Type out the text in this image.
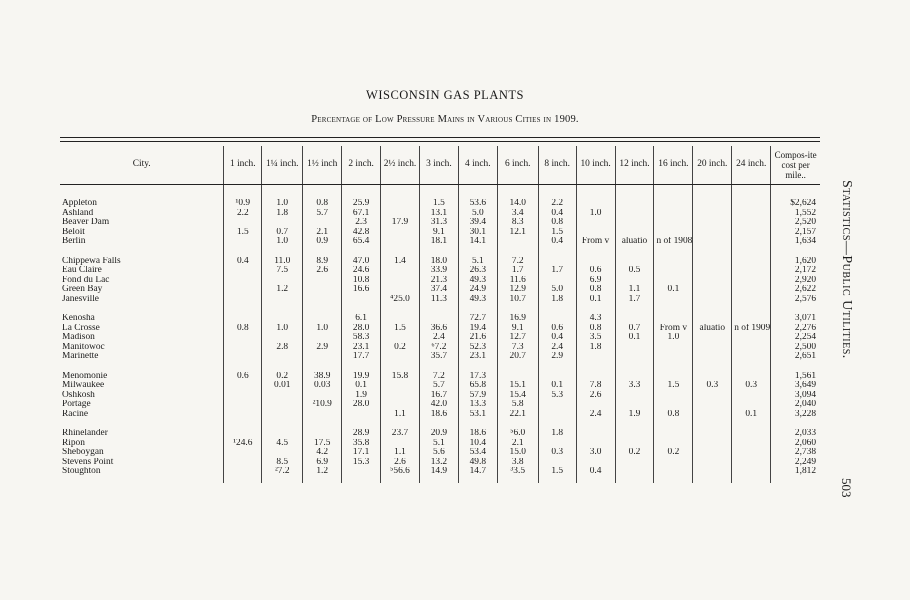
WISCONSIN GAS PLANTS
Percentage of Low Pressure Mains in Various Cities in 1909.
City.	1 inch.	1¼ inch.	1½ inch	2 inch.	2½ inch.	3 inch.	4 inch.	6 inch.	8 inch.	10 inch.	12 inch.	16 inch.	20 inch.	24 inch.	Compos-ite cost per mile..

Appleton	¹0.9	1.0	0.8	25.9		1.5	53.6	14.0	2.2						$2,624
Ashland	2.2	1.8	5.7	67.1		13.1	5.0	3.4	0.4	1.0					1,552
Beaver Dam				2.3	17.9	31.3	39.4	8.3	0.8						2,520
Beloit	1.5	0.7	2.1	42.8		9.1	30.1	12.1	1.5						2,157
Berlin		1.0	0.9	65.4		18.1	14.1		0.4	From v	aluatio	n of 1908			1,634

Chippewa Falls	0.4	11.0	8.9	47.0	1.4	18.0	5.1	7.2							1,620
Eau Claire		7.5	2.6	24.6		33.9	26.3	1.7	1.7	0.6	0.5				2,172
Fond du Lac				10.8		21.3	49.3	11.6		6.9					2,920
Green Bay		1.2		16.6		37.4	24.9	12.9	5.0	0.8	1.1	0.1			2,622
Janesville					⁴25.0	11.3	49.3	10.7	1.8	0.1	1.7				2,576

Kenosha				6.1			72.7	16.9		4.3					3,071
La Crosse	0.8	1.0	1.0	28.0	1.5	36.6	19.4	9.1	0.6	0.8	0.7	From v	aluatio	n of 1909	2,276
Madison				58.3		2.4	21.6	12.7	0.4	3.5	0.1	1.0			2,254
Manitowoc		2.8	2.9	23.1	0.2	⁶7.2	52.3	7.3	2.4	1.8					2,500
Marinette				17.7		35.7	23.1	20.7	2.9						2,651

Menomonie	0.6	0.2	38.9	19.9	15.8	7.2	17.3								1,561
Milwaukee		0.01	0.03	0.1		5.7	65.8	15.1	0.1	7.8	3.3	1.5	0.3	0.3	3,649
Oshkosh				1.9		16.7	57.9	15.4	5.3	2.6					3,094
Portage			²10.9	28.0		42.0	13.3	5.8							2,040
Racine					1.1	18.6	53.1	22.1		2.4	1.9	0.8		0.1	3,228

Rhinelander				28.9	23.7	20.9	18.6	⁵6.0	1.8						2,033
Ripon	¹24.6	4.5	17.5	35.8		5.1	10.4	2.1							2,060
Sheboygan			4.2	17.1	1.1	5.6	53.4	15.0	0.3	3.0	0.2	0.2			2,738
Stevens Point		8.5	6.9	15.3	2.6	13.2	49.8	3.8							2,249
Stoughton		²7.2	1.2		⁵56.6	14.9	14.7	³3.5	1.5	0.4					1,812

Statistics—Public Utilities.
503
